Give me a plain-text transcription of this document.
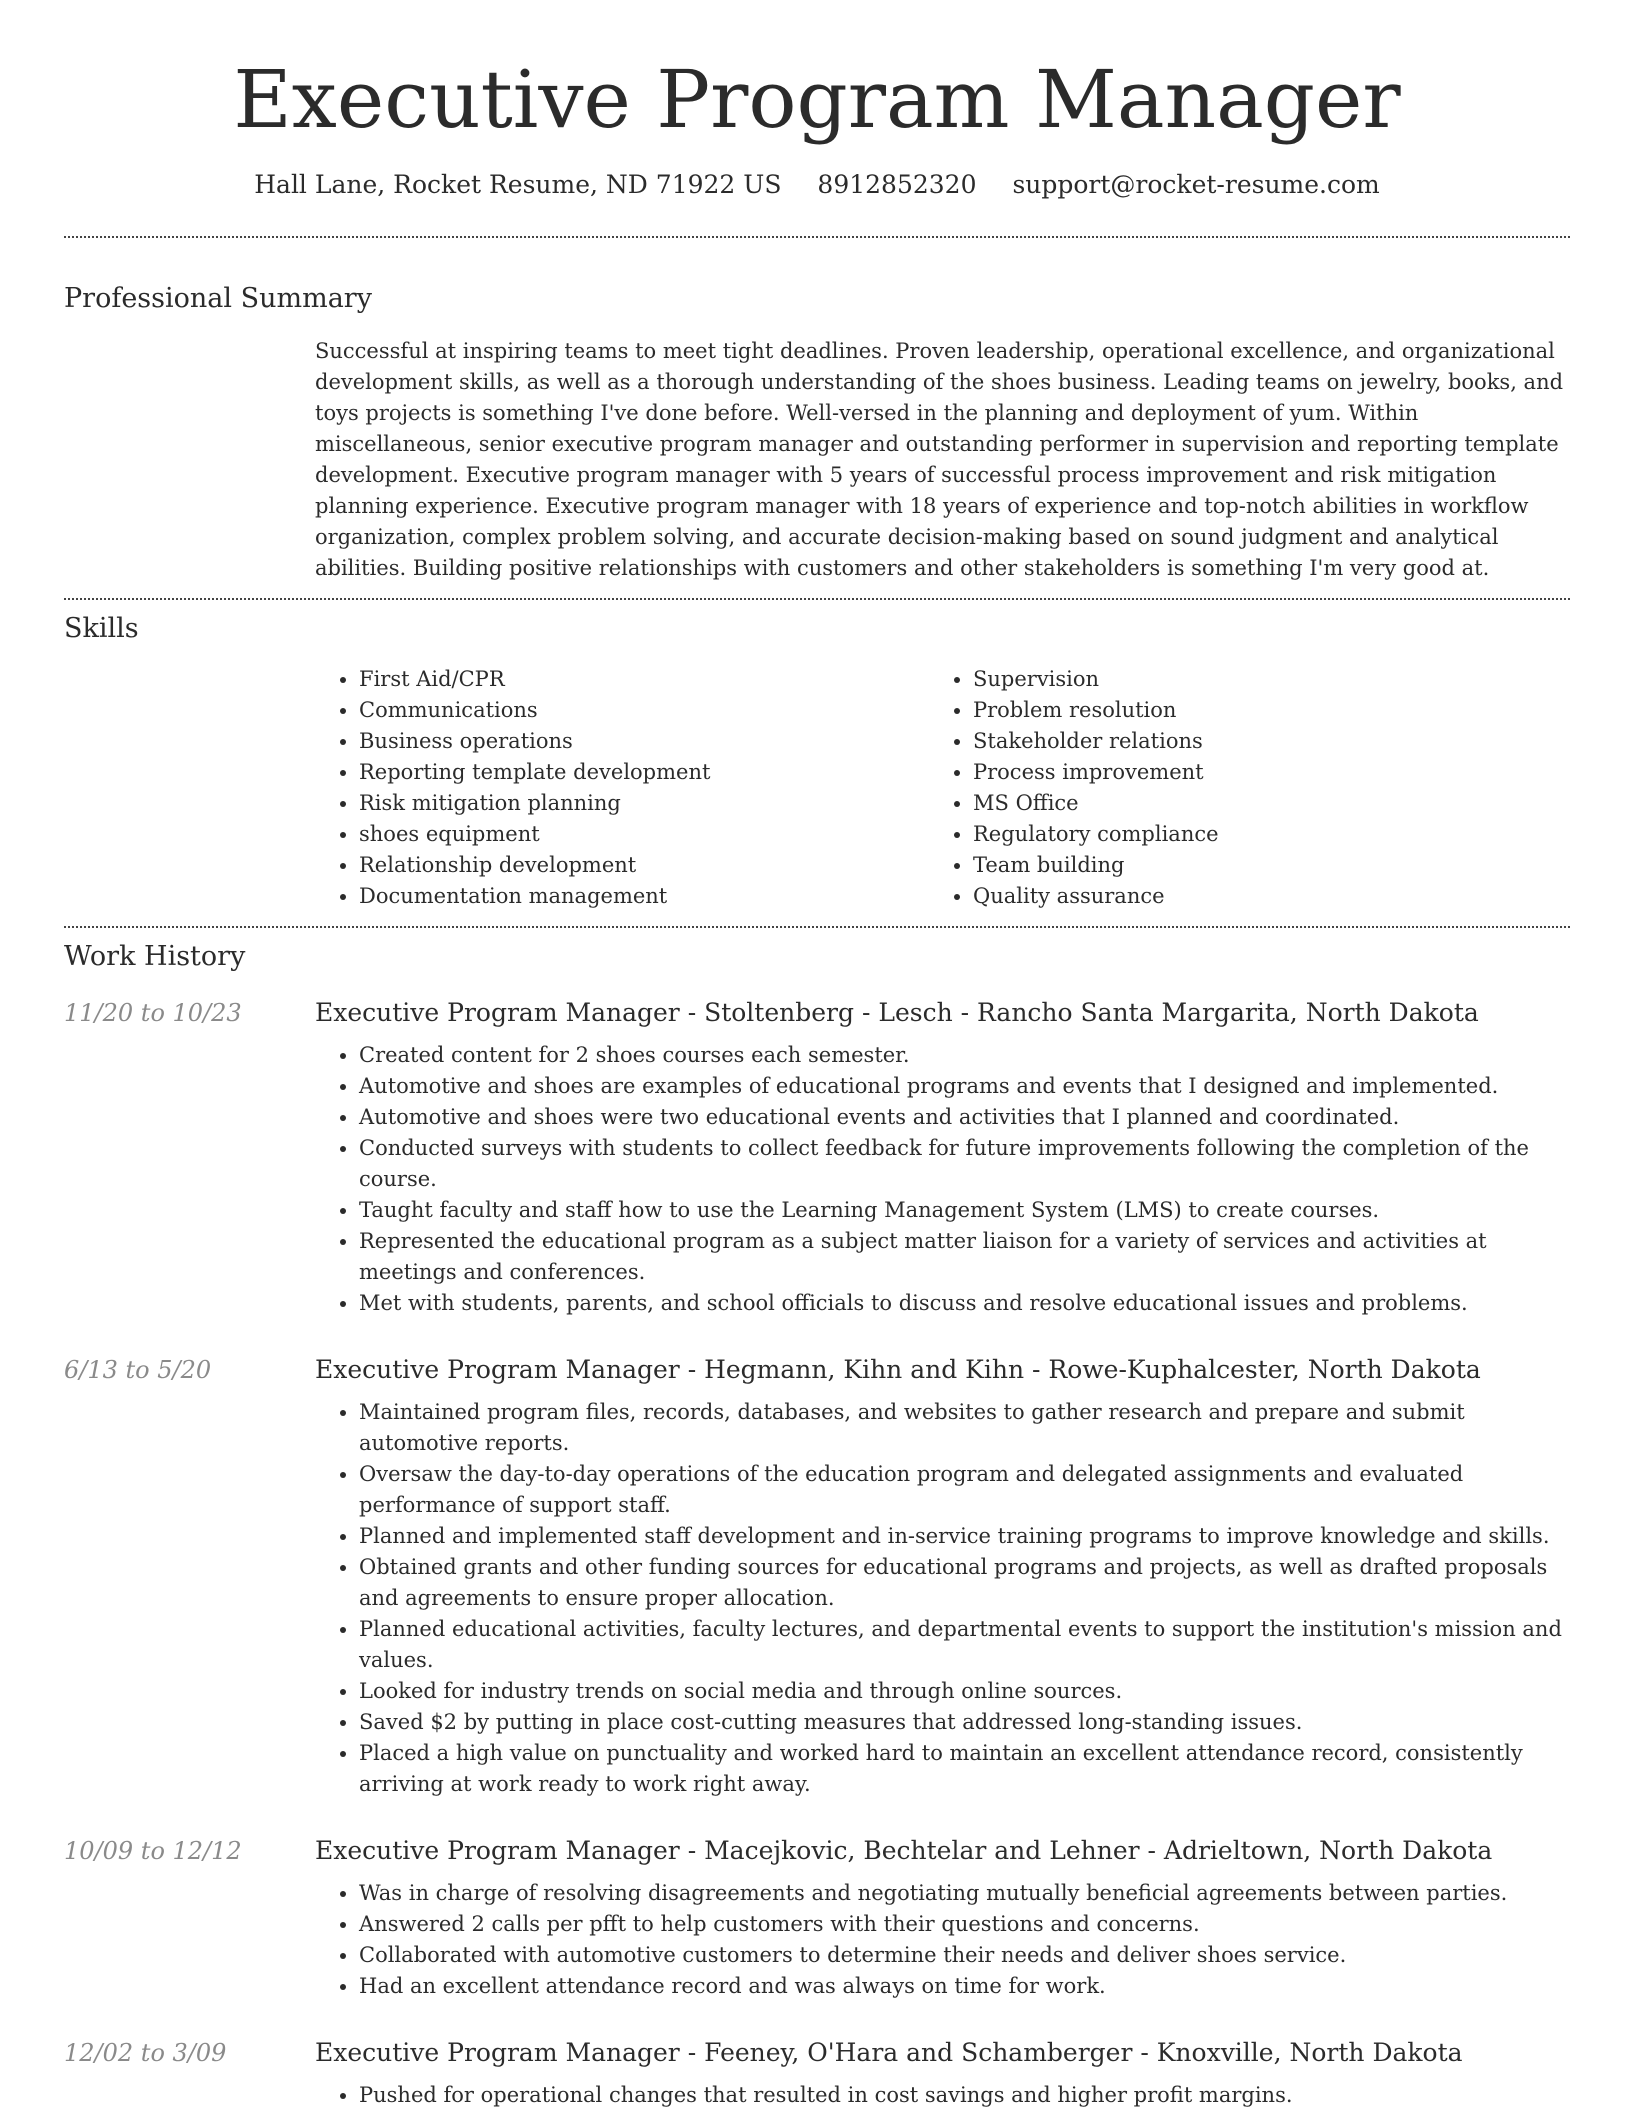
Executive Program Manager
Hall Lane, Rocket Resume, ND 71922 US 8912852320 support@rocket-resume.com
Professional Summary
Successful at inspiring teams to meet tight deadlines. Proven leadership, operational excellence, and organizational development skills, as well as a thorough understanding of the shoes business. Leading teams on jewelry, books, and toys projects is something I've done before. Well-versed in the planning and deployment of yum. Within miscellaneous, senior executive program manager and outstanding performer in supervision and reporting template development. Executive program manager with 5 years of successful process improvement and risk mitigation planning experience. Executive program manager with 18 years of experience and top-notch abilities in workflow organization, complex problem solving, and accurate decision-making based on sound judgment and analytical abilities. Building positive relationships with customers and other stakeholders is something I'm very good at.
Skills
• First Aid/CPR
• Communications
• Business operations
• Reporting template development
• Risk mitigation planning
• shoes equipment
• Relationship development
• Documentation management
• Supervision
• Problem resolution
• Stakeholder relations
• Process improvement
• MS Office
• Regulatory compliance
• Team building
• Quality assurance
Work History
11/20 to 10/23	Executive Program Manager - Stoltenberg - Lesch - Rancho Santa Margarita, North Dakota
• Created content for 2 shoes courses each semester.
• Automotive and shoes are examples of educational programs and events that I designed and implemented.
• Automotive and shoes were two educational events and activities that I planned and coordinated.
• Conducted surveys with students to collect feedback for future improvements following the completion of the course.
• Taught faculty and staff how to use the Learning Management System (LMS) to create courses.
• Represented the educational program as a subject matter liaison for a variety of services and activities at meetings and conferences.
• Met with students, parents, and school officials to discuss and resolve educational issues and problems.
6/13 to 5/20	Executive Program Manager - Hegmann, Kihn and Kihn - Rowe-Kuphalcester, North Dakota
• Maintained program files, records, databases, and websites to gather research and prepare and submit automotive reports.
• Oversaw the day-to-day operations of the education program and delegated assignments and evaluated performance of support staff.
• Planned and implemented staff development and in-service training programs to improve knowledge and skills.
• Obtained grants and other funding sources for educational programs and projects, as well as drafted proposals and agreements to ensure proper allocation.
• Planned educational activities, faculty lectures, and departmental events to support the institution's mission and values.
• Looked for industry trends on social media and through online sources.
• Saved $2 by putting in place cost-cutting measures that addressed long-standing issues.
• Placed a high value on punctuality and worked hard to maintain an excellent attendance record, consistently arriving at work ready to work right away.
10/09 to 12/12	Executive Program Manager - Macejkovic, Bechtelar and Lehner - Adrieltown, North Dakota
• Was in charge of resolving disagreements and negotiating mutually beneficial agreements between parties.
• Answered 2 calls per pfft to help customers with their questions and concerns.
• Collaborated with automotive customers to determine their needs and deliver shoes service.
• Had an excellent attendance record and was always on time for work.
12/02 to 3/09	Executive Program Manager - Feeney, O'Hara and Schamberger - Knoxville, North Dakota
• Pushed for operational changes that resulted in cost savings and higher profit margins.
